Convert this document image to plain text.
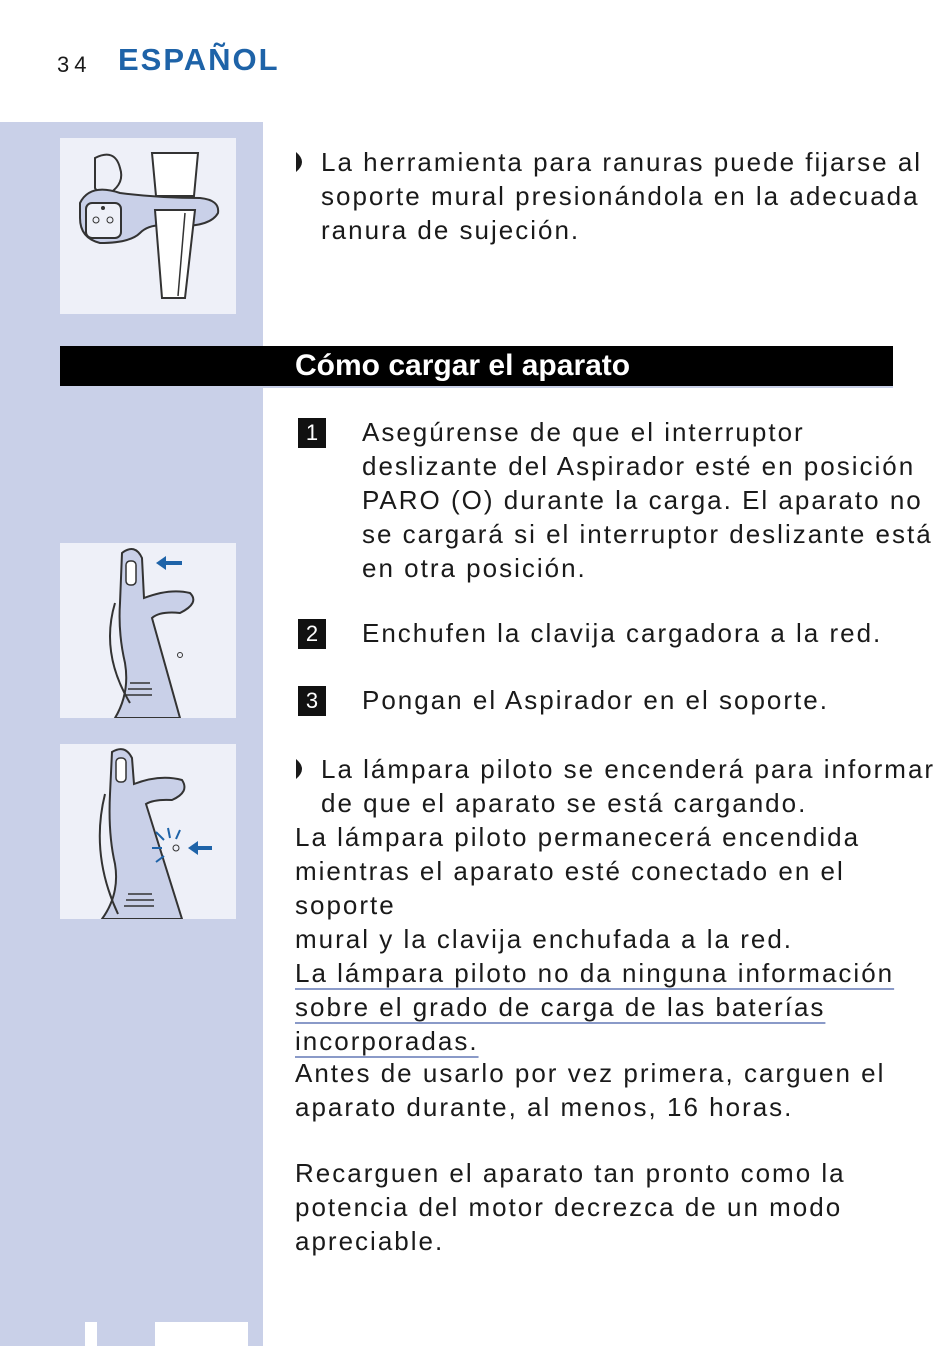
34 ESPAÑOL
La herramienta para ranuras puede fijarse al
soporte mural presionándola en la adecuada
ranura de sujeción.
Cómo cargar el aparato
1	Asegúrense de que el interruptor
deslizante del Aspirador esté en posición
PARO (O) durante la carga. El aparato no
se cargará si el interruptor deslizante está
en otra posición.
2	Enchufen la clavija cargadora a la red.
3	Pongan el Aspirador en el soporte.
La lámpara piloto se encenderá para informar
de que el aparato se está cargando.
La lámpara piloto permanecerá encendida
mientras el aparato esté conectado en el soporte
mural y la clavija enchufada a la red.
La lámpara piloto no da ninguna información
sobre el grado de carga de las baterías
incorporadas.
Antes de usarlo por vez primera, carguen el
aparato durante, al menos, 16 horas.
Recarguen el aparato tan pronto como la
potencia del motor decrezca de un modo
apreciable.
